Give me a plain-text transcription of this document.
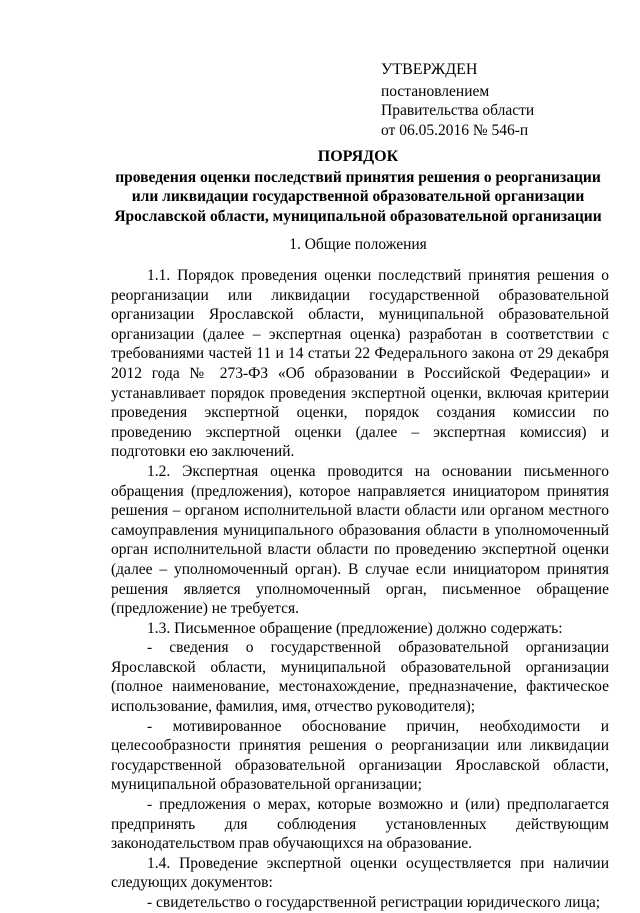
УТВЕРЖДЕН
постановлением
Правительства области
от 06.05.2016 № 546-п
ПОРЯДОК
проведения оценки последствий принятия решения о реорганизации
или ликвидации государственной образовательной организации
Ярославской области, муниципальной образовательной организации
1. Общие положения

1.1. Порядок проведения оценки последствий принятия решения о реорганизации или ликвидации государственной образовательной организации Ярославской области, муниципальной образовательной организации (далее – экспертная оценка) разработан в соответствии с требованиями частей 11 и 14 статьи 22 Федерального закона от 29 декабря 2012 года № 273-ФЗ «Об образовании в Российской Федерации» и устанавливает порядок проведения экспертной оценки, включая критерии проведения экспертной оценки, порядок создания комиссии по проведению экспертной оценки (далее – экспертная комиссия) и подготовки ею заключений.

1.2. Экспертная оценка проводится на основании письменного обращения (предложения), которое направляется инициатором принятия решения – органом исполнительной власти области или органом местного самоуправления муниципального образования области в уполномоченный орган исполнительной власти области по проведению экспертной оценки (далее – уполномоченный орган). В случае если инициатором принятия решения является уполномоченный орган, письменное обращение (предложение) не требуется.

1.3. Письменное обращение (предложение) должно содержать:

- сведения о государственной образовательной организации Ярославской области, муниципальной образовательной организации (полное наименование, местонахождение, предназначение, фактическое использование, фамилия, имя, отчество руководителя);

- мотивированное обоснование причин, необходимости и целесообразности принятия решения о реорганизации или ликвидации государственной образовательной организации Ярославской области, муниципальной образовательной организации;

- предложения о мерах, которые возможно и (или) предполагается предпринять для соблюдения установленных действующим законодательством прав обучающихся на образование.

1.4. Проведение экспертной оценки осуществляется при наличии следующих документов:

- свидетельство о государственной регистрации юридического лица;
